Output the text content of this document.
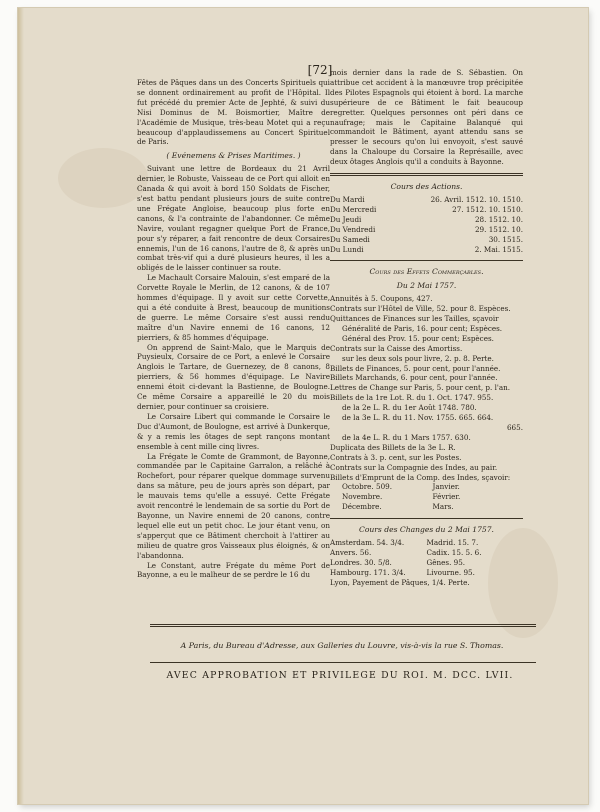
[72]

Fêtes de Pâques dans un des Concerts Spirituels qui se donnent ordinairement au profit de l'Hôpital. Il fut précédé du premier Acte de Jephté, & suivi du Nisi Dominus de M. Boismortier, Maître de l'Académie de Musique, très-beau Motet qui a reçu beaucoup d'applaudissemens au Concert Spirituel de Paris.

( Evénemens & Prises Maritimes. )

Suivant une lettre de Bordeaux du 21 Avril dernier, le Robuste, Vaisseau de ce Port qui alloit en Canada & qui avoit à bord 150 Soldats de Fischer, s'est battu pendant plusieurs jours de suite contre une Frégate Angloise, beaucoup plus forte en canons, & l'a contrainte de l'abandonner. Ce même Navire, voulant regagner quelque Port de France, pour s'y réparer, a fait rencontre de deux Corsaires ennemis, l'un de 16 canons, l'autre de 8, & après un combat très-vif qui a duré plusieurs heures, il les a obligés de le laisser continuer sa route.

Le Machault Corsaire Malouin, s'est emparé de la Corvette Royale le Merlin, de 12 canons, & de 107 hommes d'équipage. Il y avoit sur cette Corvette, qui a été conduite à Brest, beaucoup de munitions de guerre. Le même Corsaire s'est aussi rendu maître d'un Navire ennemi de 16 canons, 12 pierriers, & 85 hommes d'équipage.

On apprend de Saint-Malo, que le Marquis de Puysieulx, Corsaire de ce Port, a enlevé le Corsaire Anglois le Tartare, de Guernezey, de 8 canons, 8 pierriers, & 56 hommes d'équipage. Le Navire ennemi étoit ci-devant la Bastienne, de Boulogne. Ce même Corsaire a appareillé le 20 du mois dernier, pour continuer sa croisiere.

Le Corsaire Libert qui commande le Corsaire le Duc d'Aumont, de Boulogne, est arrivé à Dunkerque, & y a remis les ôtages de sept rançons montant ensemble à cent mille cinq livres.

La Frégate le Comte de Grammont, de Bayonne, commandée par le Capitaine Garralon, a relâché à Rochefort, pour réparer quelque dommage survenu dans sa mâture, peu de jours après son départ, par le mauvais tems qu'elle a essuyé. Cette Frégate avoit rencontré le lendemain de sa sortie du Port de Bayonne, un Navire ennemi de 20 canons, contre lequel elle eut un petit choc. Le jour étant venu, on s'apperçut que ce Bâtiment cherchoit à l'attirer au milieu de quatre gros Vaisseaux plus éloignés, & on l'abandonna.

Le Constant, autre Frégate du même Port de Bayonne, a eu le malheur de se perdre le 16 du

mois dernier dans la rade de S. Sébastien. On attribue cet accident à la manœuvre trop précipitée des Pilotes Espagnols qui étoient à bord. La marche supérieure de ce Bâtiment le fait beaucoup regretter. Quelques personnes ont péri dans ce naufrage; mais le Capitaine Balanqué qui commandoit le Bâtiment, ayant attendu sans se presser le secours qu'on lui envoyoit, s'est sauvé dans la Chaloupe du Corsaire la Représaille, avec deux ôtages Anglois qu'il a conduits à Bayonne.

Cours des Actions.
Du Mardi	26. Avril. 1512. 10. 1510.
Du Mercredi	27. 1512. 10. 1510.
Du Jeudi	28. 1512. 10.
Du Vendredi	29. 1512. 10.
Du Samedi	30. 1515.
Du Lundi	2. Mai. 1515.
Cours des Effets Commerçables.
Du 2 Mai 1757.
Annuités à 5. Coupons, 427.
Contrats sur l'Hôtel de Ville, 52. pour 8. Espèces.
Quittances de Finances sur les Tailles, sçavoir
Généralité de Paris, 16. pour cent; Espèces.
Général des Prov. 15. pour cent; Espèces.
Contrats sur la Caisse des Amortiss.
sur les deux sols pour livre, 2. p. 8. Perte.
Billets de Finances, 5. pour cent, pour l'année.
Billets Marchands, 6. pour cent, pour l'année.
Lettres de Change sur Paris, 5. pour cent, p. l'an.
Billets de la 1re Lot. R. du 1. Oct. 1747. 955.
de la 2e L. R. du 1er Août 1748. 780.
de la 3e L. R. du 11. Nov. 1755. 665. 664.
665.
de la 4e L. R. du 1 Mars 1757. 630.
Duplicata des Billets de la 3e L. R.
Contrats à 3. p. cent, sur les Postes.
Contrats sur la Compagnie des Indes, au pair.
Billets d'Emprunt de la Comp. des Indes, sçavoir:
Octobre. 509.	Janvier.
Novembre.	Février.
Décembre.	Mars.
Cours des Changes du 2 Mai 1757.
Amsterdam. 54. 3/4.	Madrid. 15. 7.
Anvers. 56.	Cadix. 15. 5. 6.
Londres. 30. 5/8.	Gênes. 95.
Hambourg. 171. 3/4.	Livourne. 95.
Lyon, Payement de Pâques, 1/4. Perte.
A Paris, du Bureau d'Adresse, aux Galleries du Louvre, vis-à-vis la rue S. Thomas.
AVEC APPROBATION ET PRIVILEGE DU ROI. M. DCC. LVII.
